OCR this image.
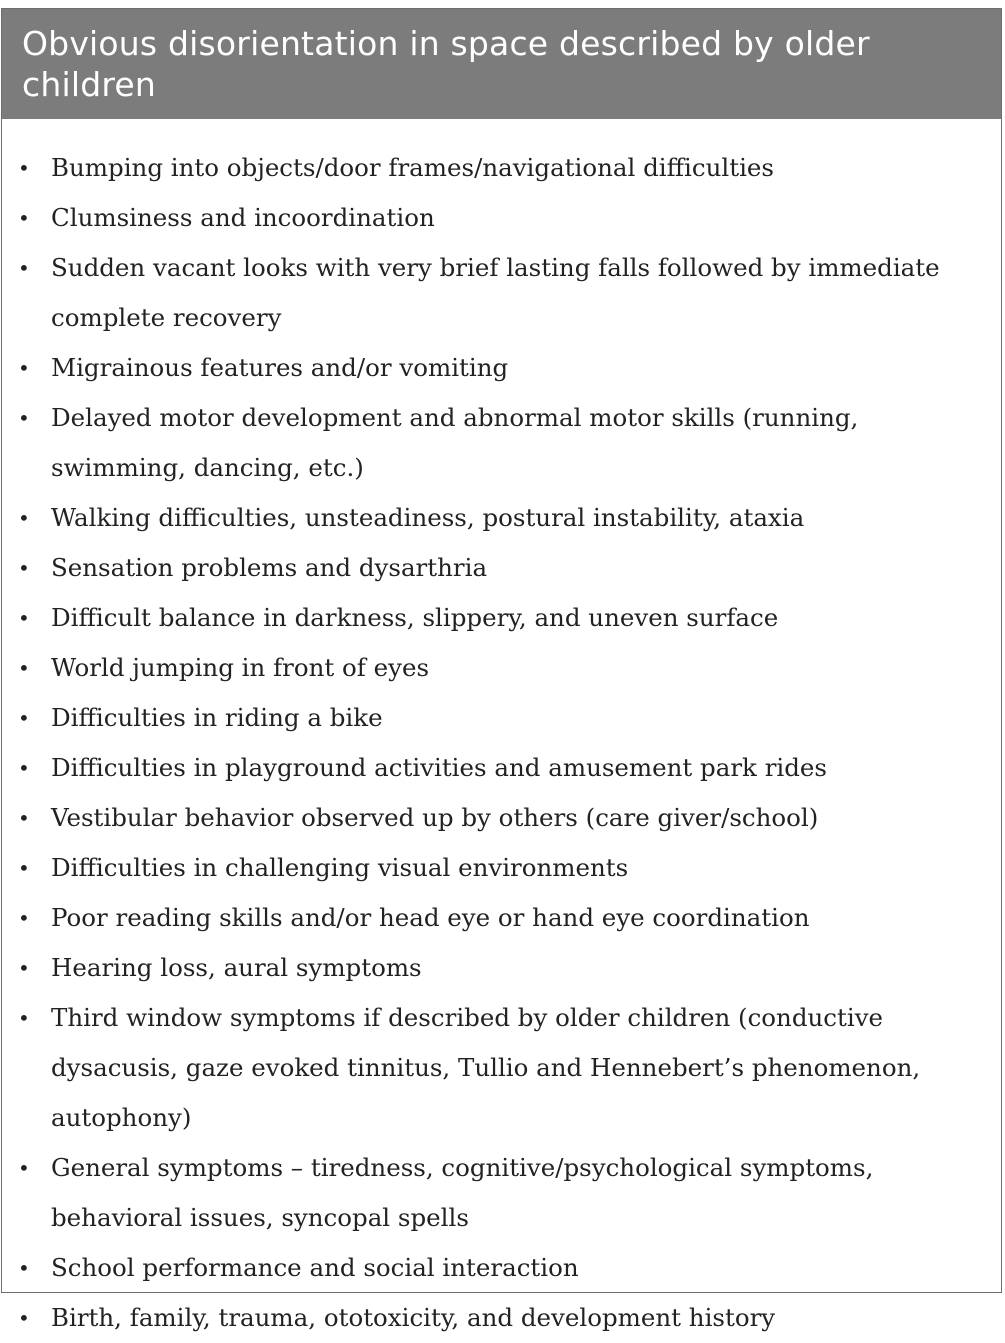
Obvious disorientation in space described by older children
• Bumping into objects/door frames/navigational difficulties
• Clumsiness and incoordination
• Sudden vacant looks with very brief lasting falls followed by immediate complete recovery
• Migrainous features and/or vomiting
• Delayed motor development and abnormal motor skills (running, swimming, dancing, etc.)
• Walking difficulties, unsteadiness, postural instability, ataxia
• Sensation problems and dysarthria
• Difficult balance in darkness, slippery, and uneven surface
• World jumping in front of eyes
• Difficulties in riding a bike
• Difficulties in playground activities and amusement park rides
• Vestibular behavior observed up by others (care giver/school)
• Difficulties in challenging visual environments
• Poor reading skills and/or head eye or hand eye coordination
• Hearing loss, aural symptoms
• Third window symptoms if described by older children (conductive dysacusis, gaze evoked tinnitus, Tullio and Hennebert’s phenomenon, autophony)
• General symptoms – tiredness, cognitive/psychological symptoms, behavioral issues, syncopal spells
• School performance and social interaction
• Birth, family, trauma, ototoxicity, and development history
